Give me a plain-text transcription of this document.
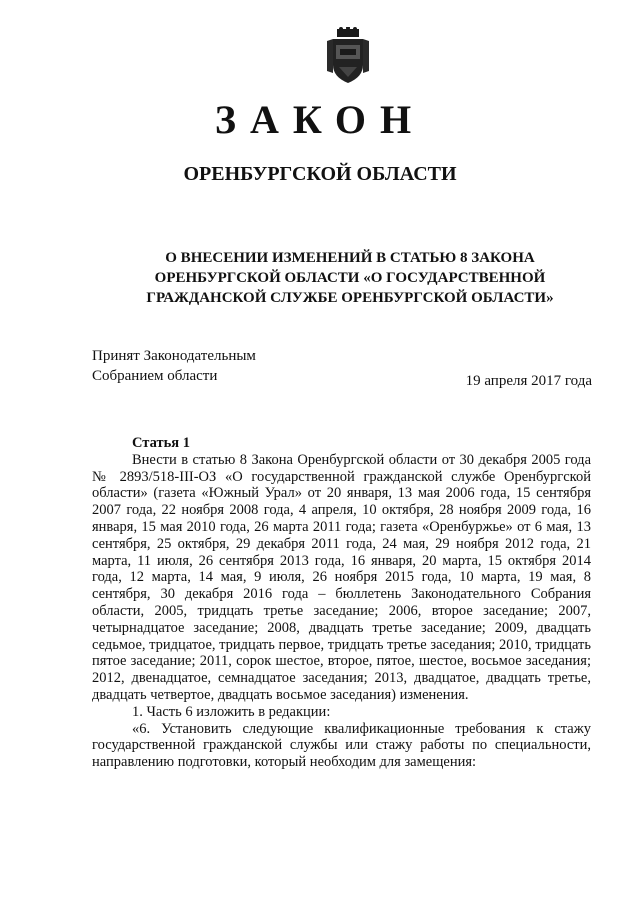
ЗАКОН
ОРЕНБУРГСКОЙ ОБЛАСТИ
О ВНЕСЕНИИ ИЗМЕНЕНИЙ В СТАТЬЮ 8 ЗАКОНА
ОРЕНБУРГСКОЙ ОБЛАСТИ «О ГОСУДАРСТВЕННОЙ
ГРАЖДАНСКОЙ СЛУЖБЕ ОРЕНБУРГСКОЙ ОБЛАСТИ»
Принят Законодательным
Собранием области	19 апреля 2017 года

Статья 1

Внести в статью 8 Закона Оренбургской области от 30 декабря 2005 года № 2893/518-III-ОЗ «О государственной гражданской службе Оренбургской области» (газета «Южный Урал» от 20 января, 13 мая 2006 года, 15 сентября 2007 года, 22 ноября 2008 года, 4 апреля, 10 октября, 28 ноября 2009 года, 16 января, 15 мая 2010 года, 26 марта 2011 года; газета «Оренбуржье» от 6 мая, 13 сентября, 25 октября, 29 декабря 2011 года, 24 мая, 29 ноября 2012 года, 21 марта, 11 июля, 26 сентября 2013 года, 16 января, 20 марта, 15 октября 2014 года, 12 марта, 14 мая, 9 июля, 26 ноября 2015 года, 10 марта, 19 мая, 8 сентября, 30 декабря 2016 года – бюллетень Законодательного Собрания области, 2005, тридцать третье заседание; 2006, второе заседание; 2007, четырнадцатое заседание; 2008, двадцать третье заседание; 2009, двадцать седьмое, тридцатое, тридцать первое, тридцать третье заседания; 2010, тридцать пятое заседание; 2011, сорок шестое, второе, пятое, шестое, восьмое заседания; 2012, двенадцатое, семнадцатое заседания; 2013, двадцатое, двадцать третье, двадцать четвертое, двадцать восьмое заседания) изменения.

1. Часть 6 изложить в редакции:

«6. Установить следующие квалификационные требования к стажу государственной гражданской службы или стажу работы по специальности, направлению подготовки, который необходим для замещения:
